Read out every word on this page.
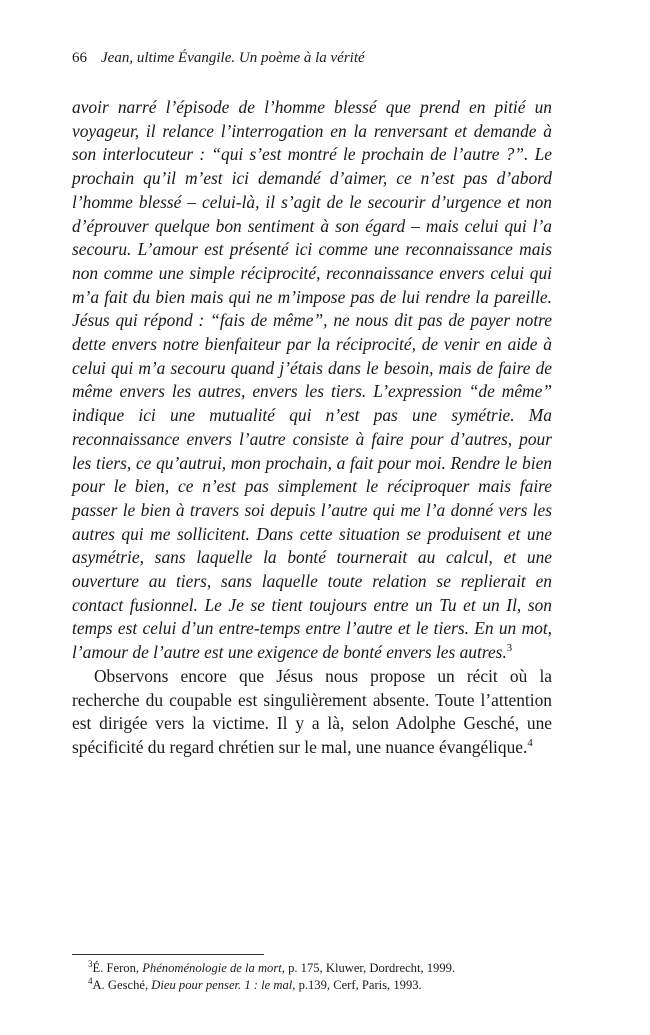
66 Jean, ultime Évangile. Un poème à la vérité

avoir narré l’épisode de l’homme blessé que prend en pitié un voyageur, il relance l’interrogation en la renversant et demande à son interlocuteur : “qui s’est montré le prochain de l’autre ?”. Le prochain qu’il m’est ici demandé d’aimer, ce n’est pas d’abord l’homme blessé – celui-là, il s’agit de le secourir d’urgence et non d’éprouver quelque bon sentiment à son égard – mais celui qui l’a secouru. L’amour est présenté ici comme une reconnaissance mais non comme une simple réciprocité, reconnaissance envers celui qui m’a fait du bien mais qui ne m’impose pas de lui rendre la pareille. Jésus qui répond : “fais de même”, ne nous dit pas de payer notre dette envers notre bienfaiteur par la réciprocité, de venir en aide à celui qui m’a secouru quand j’étais dans le besoin, mais de faire de même envers les autres, envers les tiers. L’expression “de même” indique ici une mutualité qui n’est pas une symétrie. Ma reconnaissance envers l’autre consiste à faire pour d’autres, pour les tiers, ce qu’autrui, mon prochain, a fait pour moi. Rendre le bien pour le bien, ce n’est pas simplement le réciproquer mais faire passer le bien à travers soi depuis l’autre qui me l’a donné vers les autres qui me sollicitent. Dans cette situation se produisent et une asymétrie, sans laquelle la bonté tournerait au calcul, et une ouverture au tiers, sans laquelle toute relation se replierait en contact fusionnel. Le Je se tient toujours entre un Tu et un Il, son temps est celui d’un entre-temps entre l’autre et le tiers. En un mot, l’amour de l’autre est une exigence de bonté envers les autres.$^3$

Observons encore que Jésus nous propose un récit où la recherche du coupable est singulièrement absente. Toute l’attention est dirigée vers la victime. Il y a là, selon Adolphe Gesché, une spécificité du regard chrétien sur le mal, une nuance évangélique.$^4$

$^3$É. Feron, Phénoménologie de la mort, p. 175, Kluwer, Dordrecht, 1999.
$^4$A. Gesché, Dieu pour penser. 1 : le mal, p.139, Cerf, Paris, 1993.
